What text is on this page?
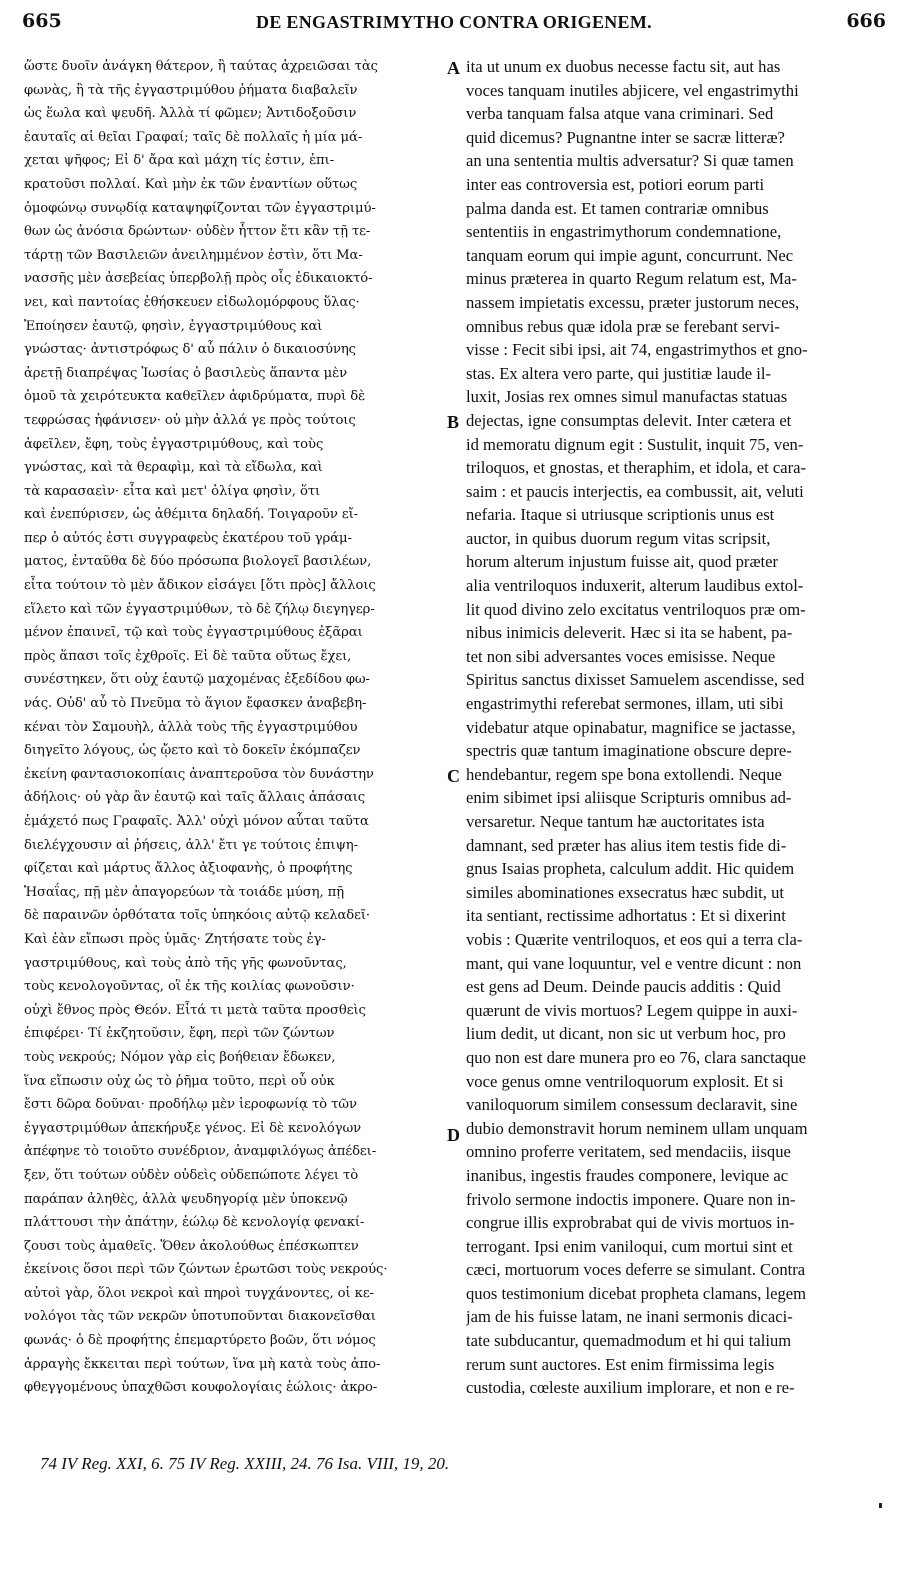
665	DE ENGASTRIMYTHO CONTRA ORIGENEM.	666
ὥστε δυοῖν ἀνάγκη θάτερον, ἢ ταύτας ἀχρειῶσαι τὰς
φωνὰς, ἢ τὰ τῆς ἐγγαστριμύθου ῥήματα διαβαλεῖν
ὡς ἕωλα καὶ ψευδῆ. Ἀλλὰ τί φῶμεν; Ἀντιδοξοῦσιν
ἑαυταῖς αἱ θεῖαι Γραφαί; ταῖς δὲ πολλαῖς ἡ μία μά-
χεται ψῆφος; Εἰ δ' ἄρα καὶ μάχη τίς ἐστιν, ἐπι-
κρατοῦσι πολλαί. Καὶ μὴν ἐκ τῶν ἐναντίων οὕτως
ὁμοφώνῳ συνῳδίᾳ καταψηφίζονται τῶν ἐγγαστριμύ-
θων ὡς ἀνόσια δρώντων· οὐδὲν ἧττον ἔτι κἂν τῇ τε-
τάρτῃ τῶν Βασιλειῶν ἀνειλημμένον ἐστὶν, ὅτι Μα-
νασσῆς μὲν ἀσεβείας ὑπερβολῇ πρὸς οἷς ἐδικαιοκτό-
νει, καὶ παντοίας ἐθήσκευεν εἰδωλομόρφους ὕλας·
Ἐποίησεν ἑαυτῷ, φησὶν, ἐγγαστριμύθους καὶ
γνώστας· ἀντιστρόφως δ' αὖ πάλιν ὁ δικαιοσύνης
ἀρετῇ διαπρέψας Ἰωσίας ὁ βασιλεὺς ἅπαντα μὲν
ὁμοῦ τὰ χειρότευκτα καθεῖλεν ἀφιδρύματα, πυρὶ δὲ
τεφρώσας ἠφάνισεν· οὐ μὴν ἀλλά γε πρὸς τούτοις
ἀφεῖλεν, ἔφη, τοὺς ἐγγαστριμύθους, καὶ τοὺς
γνώστας, καὶ τὰ θεραφὶμ, καὶ τὰ εἴδωλα, καὶ
τὰ καρασαεὶν· εἶτα καὶ μετ' ὀλίγα φησὶν, ὅτι
καὶ ἐνεπύρισεν, ὡς ἀθέμιτα δηλαδή. Τοιγαροῦν εἴ-
περ ὁ αὐτός ἐστι συγγραφεὺς ἑκατέρου τοῦ γράμ-
ματος, ἐνταῦθα δὲ δύο πρόσωπα βιολογεῖ βασιλέων,
εἶτα τούτοιν τὸ μὲν ἄδικον εἰσάγει [ὅτι πρὸς] ἄλλοις
εἵλετο καὶ τῶν ἐγγαστριμύθων, τὸ δὲ ζήλῳ διεγηγερ-
μένον ἐπαινεῖ, τῷ καὶ τοὺς ἐγγαστριμύθους ἐξᾶραι
πρὸς ἅπασι τοῖς ἐχθροῖς. Εἰ δὲ ταῦτα οὕτως ἔχει,
συνέστηκεν, ὅτι οὐχ ἑαυτῷ μαχομένας ἐξεδίδου φω-
νάς. Οὐδ' αὖ τὸ Πνεῦμα τὸ ἅγιον ἔφασκεν ἀναβεβη-
κέναι τὸν Σαμουὴλ, ἀλλὰ τοὺς τῆς ἐγγαστριμύθου
διηγεῖτο λόγους, ὡς ᾤετο καὶ τὸ δοκεῖν ἐκόμπαζεν
ἐκείνη φαντασιοκοπίαις ἀναπτεροῦσα τὸν δυνάστην
ἀδήλοις· οὐ γὰρ ἂν ἑαυτῷ καὶ ταῖς ἄλλαις ἁπάσαις
ἐμάχετό πως Γραφαῖς. Ἀλλ' οὐχὶ μόνον αὗται ταῦτα
διελέγχουσιν αἱ ῥήσεις, ἀλλ' ἔτι γε τούτοις ἐπιψη-
φίζεται καὶ μάρτυς ἄλλος ἀξιοφανὴς, ὁ προφήτης
Ἡσαΐας, πῇ μὲν ἀπαγορεύων τὰ τοιάδε μύση, πῇ
δὲ παραινῶν ὀρθότατα τοῖς ὑπηκόοις αὐτῷ κελαδεῖ·
Καὶ ἐὰν εἴπωσι πρὸς ὑμᾶς· Ζητήσατε τοὺς ἐγ-
γαστριμύθους, καὶ τοὺς ἀπὸ τῆς γῆς φωνοῦντας,
τοὺς κενολογοῦντας, οἳ ἐκ τῆς κοιλίας φωνοῦσιν·
οὐχὶ ἔθνος πρὸς Θεόν. Εἶτά τι μετὰ ταῦτα προσθεὶς
ἐπιφέρει· Τί ἐκζητοῦσιν, ἔφη, περὶ τῶν ζώντων
τοὺς νεκρούς; Νόμον γὰρ εἰς βοήθειαν ἔδωκεν,
ἵνα εἴπωσιν οὐχ ὡς τὸ ῥῆμα τοῦτο, περὶ οὗ οὐκ
ἔστι δῶρα δοῦναι· προδήλῳ μὲν ἱεροφωνίᾳ τὸ τῶν
ἐγγαστριμύθων ἀπεκήρυξε γένος. Εἰ δὲ κενολόγων
ἀπέφηνε τὸ τοιοῦτο συνέδριον, ἀναμφιλόγως ἀπέδει-
ξεν, ὅτι τούτων οὐδὲν οὐδεὶς οὐδεπώποτε λέγει τὸ
παράπαν ἀληθὲς, ἀλλὰ ψευδηγορίᾳ μὲν ὑποκενῷ
πλάττουσι τὴν ἀπάτην, ἑώλῳ δὲ κενολογίᾳ φενακί-
ζουσι τοὺς ἀμαθεῖς. Ὅθεν ἀκολούθως ἐπέσκωπτεν
ἐκείνοις ὅσοι περὶ τῶν ζώντων ἐρωτῶσι τοὺς νεκρούς·
αὐτοὶ γὰρ, ὅλοι νεκροὶ καὶ πηροὶ τυγχάνοντες, οἱ κε-
νολόγοι τὰς τῶν νεκρῶν ὑποτυποῦνται διακονεῖσθαι
φωνάς· ὁ δὲ προφήτης ἐπεμαρτύρετο βοῶν, ὅτι νόμος
ἀρραγὴς ἔκκειται περὶ τούτων, ἵνα μὴ κατὰ τοὺς ἀπο-
φθεγγομένους ὑπαχθῶσι κουφολογίαις ἑώλοις· ἀκρο-
ita ut unum ex duobus necesse factu sit, aut has
voces tanquam inutiles abjicere, vel engastrimythi
verba tanquam falsa atque vana criminari. Sed
quid dicemus? Pugnantne inter se sacræ litteræ?
an una sententia multis adversatur? Si quæ tamen
inter eas controversia est, potiori eorum parti
palma danda est. Et tamen contrariæ omnibus
sententiis in engastrimythorum condemnatione,
tanquam eorum qui impie agunt, concurrunt. Nec
minus præterea in quarto Regum relatum est, Ma-
nassem impietatis excessu, præter justorum neces,
omnibus rebus quæ idola præ se ferebant servi-
visse : Fecit sibi ipsi, ait 74, engastrimythos et gno-
stas. Ex altera vero parte, qui justitiæ laude il-
luxit, Josias rex omnes simul manufactas statuas
dejectas, igne consumptas delevit. Inter cætera et
id memoratu dignum egit : Sustulit, inquit 75, ven-
triloquos, et gnostas, et theraphim, et idola, et cara-
saim : et paucis interjectis, ea combussit, ait, veluti
nefaria. Itaque si utriusque scriptionis unus est
auctor, in quibus duorum regum vitas scripsit,
horum alterum injustum fuisse ait, quod præter
alia ventriloquos induxerit, alterum laudibus extol-
lit quod divino zelo excitatus ventriloquos præ om-
nibus inimicis deleverit. Hæc si ita se habent, pa-
tet non sibi adversantes voces emisisse. Neque
Spiritus sanctus dixisset Samuelem ascendisse, sed
engastrimythi referebat sermones, illam, uti sibi
videbatur atque opinabatur, magnifice se jactasse,
spectris quæ tantum imaginatione obscure depre-
hendebantur, regem spe bona extollendi. Neque
enim sibimet ipsi aliisque Scripturis omnibus ad-
versaretur. Neque tantum hæ auctoritates ista
damnant, sed præter has alius item testis fide di-
gnus Isaias propheta, calculum addit. Hic quidem
similes abominationes exsecratus hæc subdit, ut
ita sentiant, rectissime adhortatus : Et si dixerint
vobis : Quærite ventriloquos, et eos qui a terra cla-
mant, qui vane loquuntur, vel e ventre dicunt : non
est gens ad Deum. Deinde paucis additis : Quid
quærunt de vivis mortuos? Legem quippe in auxi-
lium dedit, ut dicant, non sic ut verbum hoc, pro
quo non est dare munera pro eo 76, clara sanctaque
voce genus omne ventriloquorum explosit. Et si
vaniloquorum similem consessum declaravit, sine
dubio demonstravit horum neminem ullam unquam
omnino proferre veritatem, sed mendaciis, iisque
inanibus, ingestis fraudes componere, levique ac
frivolo sermone indoctis imponere. Quare non in-
congrue illis exprobrabat qui de vivis mortuos in-
terrogant. Ipsi enim vaniloqui, cum mortui sint et
cæci, mortuorum voces deferre se simulant. Contra
quos testimonium dicebat propheta clamans, legem
jam de his fuisse latam, ne inani sermonis dicaci-
tate subducantur, quemadmodum et hi qui talium
rerum sunt auctores. Est enim firmissima legis
custodia, cœleste auxilium implorare, et non e re-
A
B
C
D
74 IV Reg. XXI, 6. 75 IV Reg. XXIII, 24. 76 Isa. VIII, 19, 20.
